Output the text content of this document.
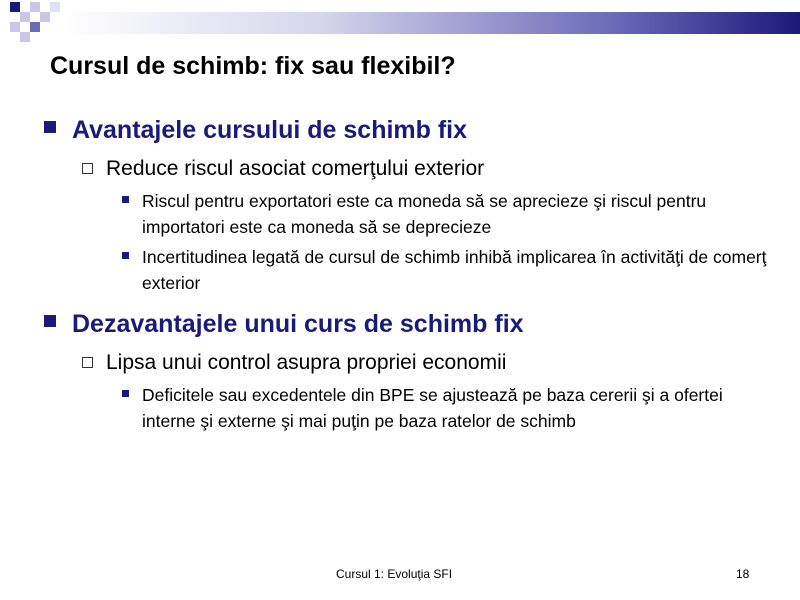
Cursul de schimb: fix sau flexibil?
Avantajele cursului de schimb fix
Reduce riscul asociat comerţului exterior
Riscul pentru exportatori este ca moneda să se aprecieze şi riscul pentru importatori este ca moneda să se deprecieze
Incertitudinea legată de cursul de schimb inhibă implicarea în activităţi de comerţ exterior
Dezavantajele unui curs de schimb fix
Lipsa unui control asupra propriei economii
Deficitele sau excedentele din BPE se ajustează pe baza cererii şi a ofertei interne şi externe şi mai puţin pe baza ratelor de schimb
Cursul 1: Evoluţia SFI	18
